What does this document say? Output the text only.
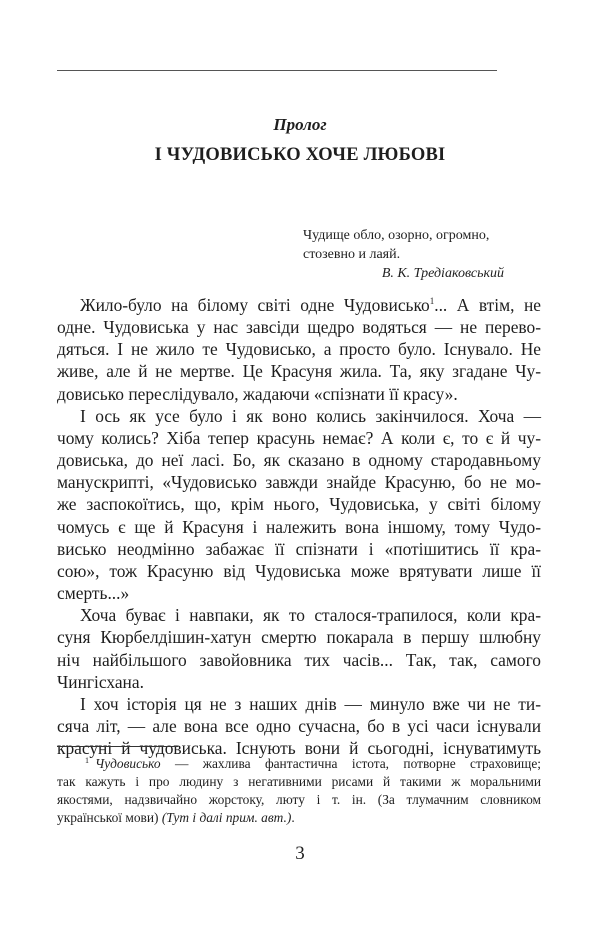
Пролог
І ЧУДОВИСЬКО ХОЧЕ ЛЮБОВІ
Чудище обло, озорно, огромно,
стозевно и лаяй.
В. К. Тредіаковський
Жило-було на білому світі одне Чудовисько$^1$... А втім, не
одне. Чудовиська у нас завсіди щедро водяться — не перево-
дяться. І не жило те Чудовисько, а просто було. Існувало. Не
живе, але й не мертве. Це Красуня жила. Та, яку згадане Чу-
довисько переслідувало, жадаючи «спізнати її красу».
І ось як усе було і як воно колись закінчилося. Хоча —
чому колись? Хіба тепер красунь немає? А коли є, то є й чу-
довиська, до неї ласі. Бо, як сказано в одному стародавньому
манускрипті, «Чудовисько завжди знайде Красуню, бо не мо-
же заспокоїтись, що, крім нього, Чудовиська, у світі білому
чомусь є ще й Красуня і належить вона іншому, тому Чудо-
висько неодмінно забажає її спізнати і «потішитись її кра-
сою», тож Красуню від Чудовиська може врятувати лише її
смерть...»
Хоча буває і навпаки, як то сталося-трапилося, коли кра-
суня Кюрбелдішин-хатун смертю покарала в першу шлюбну
ніч найбільшого завойовника тих часів... Так, так, самого
Чингісхана.
І хоч історія ця не з наших днів — минуло вже чи не ти-
сяча літ, — але вона все одно сучасна, бо в усі часи існували
красуні й чудовиська. Існують вони й сьогодні, існуватимуть
$^1$ Чудовисько — жахлива фантастична істота, потворне страховище;
так кажуть і про людину з негативними рисами й такими ж моральними
якостями, надзвичайно жорстоку, люту і т. ін. (За тлумачним словником
української мови) (Тут і далі прим. авт.).
3
